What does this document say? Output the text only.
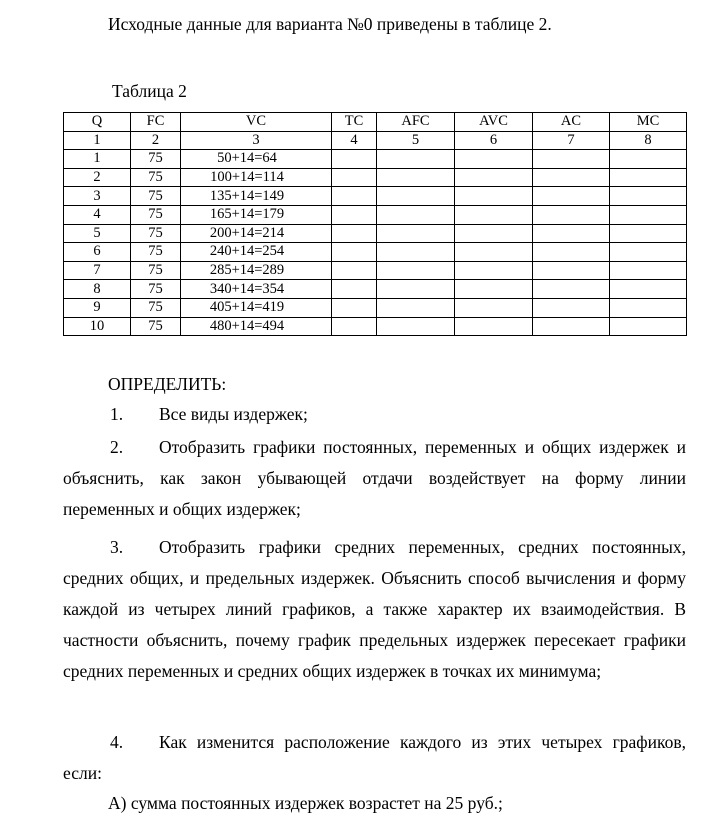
Исходные данные для варианта №0 приведены в таблице 2.
Таблица 2
Q	FC	VC	TC	AFC	AVC	AC	MC
1	2	3	4	5	6	7	8
1	75	50+14=64					
2	75	100+14=114					
3	75	135+14=149					
4	75	165+14=179					
5	75	200+14=214					
6	75	240+14=254					
7	75	285+14=289					
8	75	340+14=354					
9	75	405+14=419					
10	75	480+14=494					
ОПРЕДЕЛИТЬ:
1. Все виды издержек;
2. Отобразить графики постоянных, переменных и общих издержек и объяснить, как закон убывающей отдачи воздействует на форму линии переменных и общих издержек;
3. Отобразить графики средних переменных, средних постоянных, средних общих, и предельных издержек. Объяснить способ вычисления и форму каждой из четырех линий графиков, а также характер их взаимодействия. В частности объяснить, почему график предельных издержек пересекает графики средних переменных и средних общих издержек в точках их минимума;
4. Как изменится расположение каждого из этих четырех графиков, если:
А) сумма постоянных издержек возрастет на 25 руб.;
